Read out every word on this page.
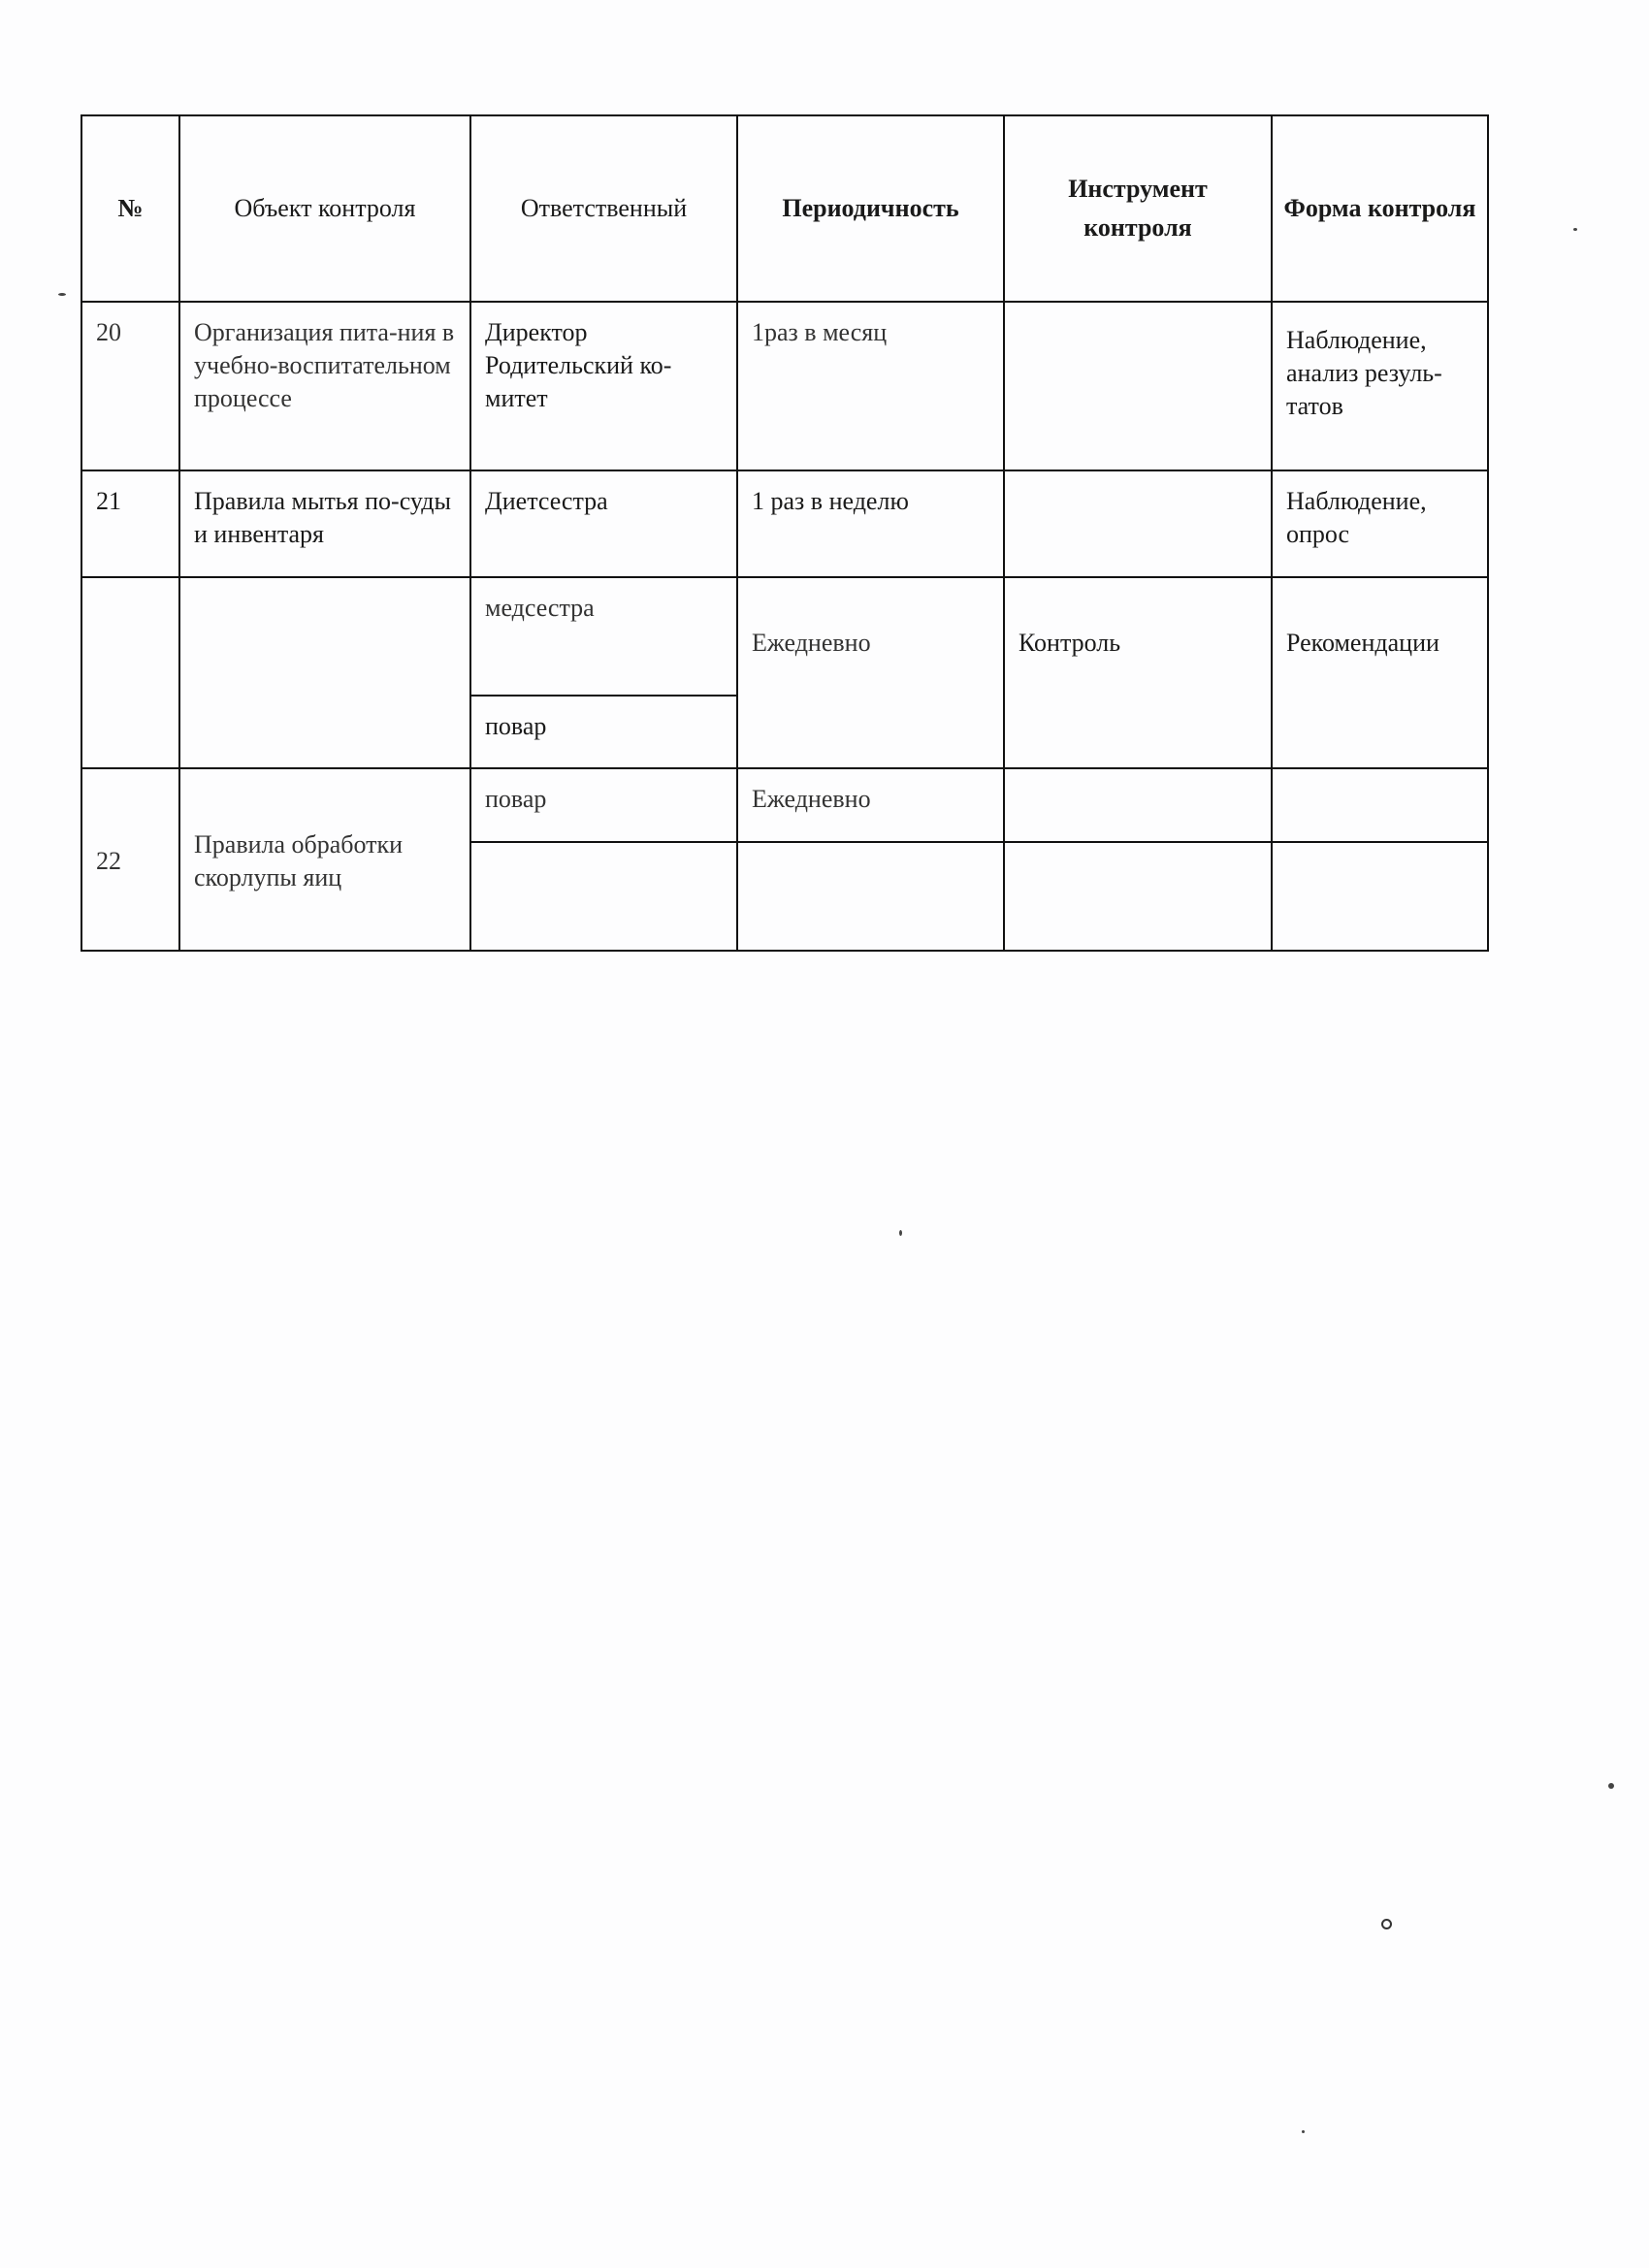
№	Объект контроля	Ответственный	Периодичность	Инструмент контроля	Форма контроля
20	Организация пита-ния в учебно-воспитательном процессе	Директор Родительский ко-митет	1раз в месяц		Наблюдение, анализ резуль-татов
21	Правила мытья по-суды и инвентаря	Диетсестра	1 раз в неделю		Наблюдение, опрос
		медсестра	Ежедневно	Контроль	Рекомендации
		повар			
22	Правила обработки скорлупы яиц	повар	Ежедневно		
